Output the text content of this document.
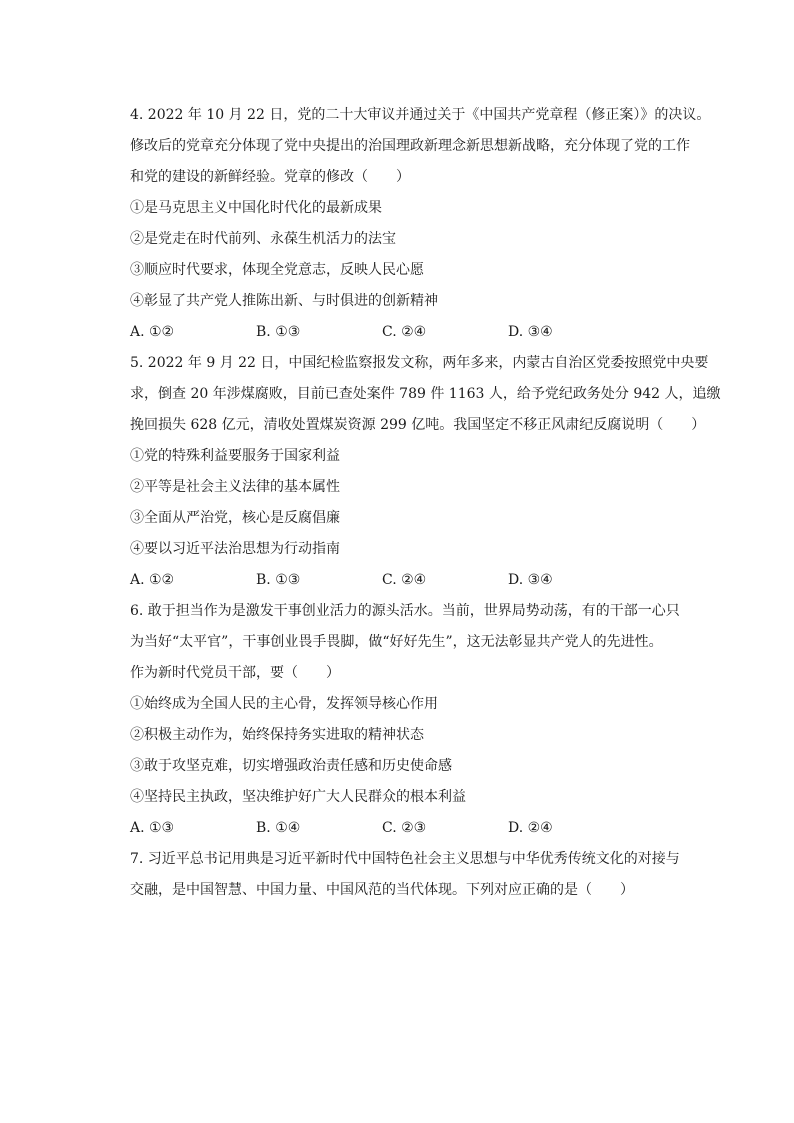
4. 2022 年 10 月 22 日，党的二十大审议并通过关于《中国共产党章程（修正案）》的决议。
修改后的党章充分体现了党中央提出的治国理政新理念新思想新战略，充分体现了党的工作
和党的建设的新鲜经验。党章的修改（　　）
①是马克思主义中国化时代化的最新成果
②是党走在时代前列、永葆生机活力的法宝
③顺应时代要求，体现全党意志，反映人民心愿
④彰显了共产党人推陈出新、与时俱进的创新精神
A. ①②	B. ①③	C. ②④	D. ③④
5. 2022 年 9 月 22 日，中国纪检监察报发文称，两年多来，内蒙古自治区党委按照党中央要
求，倒查 20 年涉煤腐败，目前已查处案件 789 件 1163 人，给予党纪政务处分 942 人，追缴
挽回损失 628 亿元，清收处置煤炭资源 299 亿吨。我国坚定不移正风肃纪反腐说明（　　）
①党的特殊利益要服务于国家利益
②平等是社会主义法律的基本属性
③全面从严治党，核心是反腐倡廉
④要以习近平法治思想为行动指南
A. ①②	B. ①③	C. ②④	D. ③④
6. 敢于担当作为是激发干事创业活力的源头活水。当前，世界局势动荡，有的干部一心只
为当好“太平官”，干事创业畏手畏脚，做“好好先生”，这无法彰显共产党人的先进性。
作为新时代党员干部，要（　　）
①始终成为全国人民的主心骨，发挥领导核心作用
②积极主动作为，始终保持务实进取的精神状态
③敢于攻坚克难，切实增强政治责任感和历史使命感
④坚持民主执政，坚决维护好广大人民群众的根本利益
A. ①③	B. ①④	C. ②③	D. ②④
7. 习近平总书记用典是习近平新时代中国特色社会主义思想与中华优秀传统文化的对接与
交融，是中国智慧、中国力量、中国风范的当代体现。下列对应正确的是（　　）
